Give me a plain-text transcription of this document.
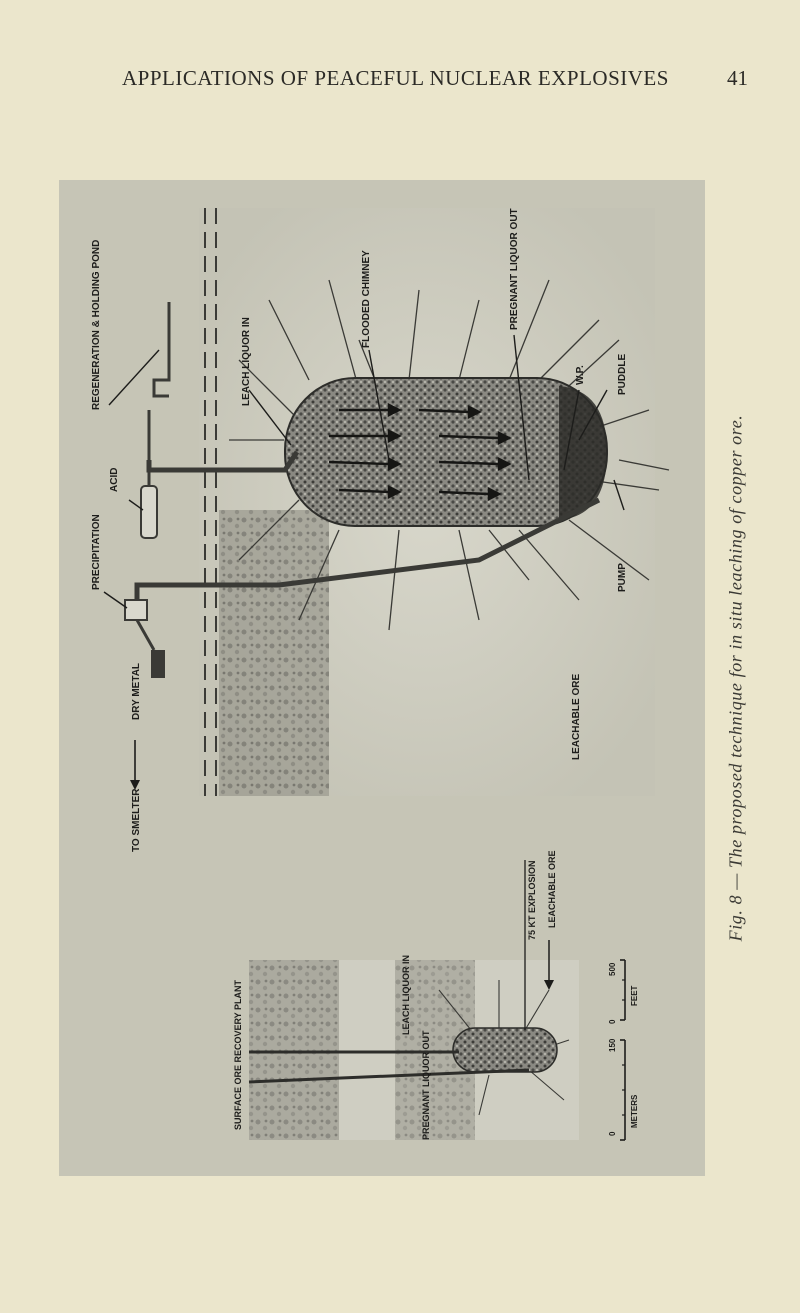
APPLICATIONS OF PEACEFUL NUCLEAR EXPLOSIVES	41
REGENERATION & HOLDING POND
PRECIPITATION
ACID
DRY METAL
TO SMELTER
LEACH LIQUOR IN
FLOODED CHIMNEY	PREGNANT LIQUOR OUT
W.P.	PUDDLE
PUMP
LEACHABLE ORE
SURFACE ORE RECOVERY PLANT	LEACH LIQUOR IN
75 KT EXPLOSION LEACHABLE ORE
PREGNANT LIQUOR OUT	0
150
METERS
0
500
FEET
Fig. 8 — The proposed technique for in situ leaching of copper ore.
